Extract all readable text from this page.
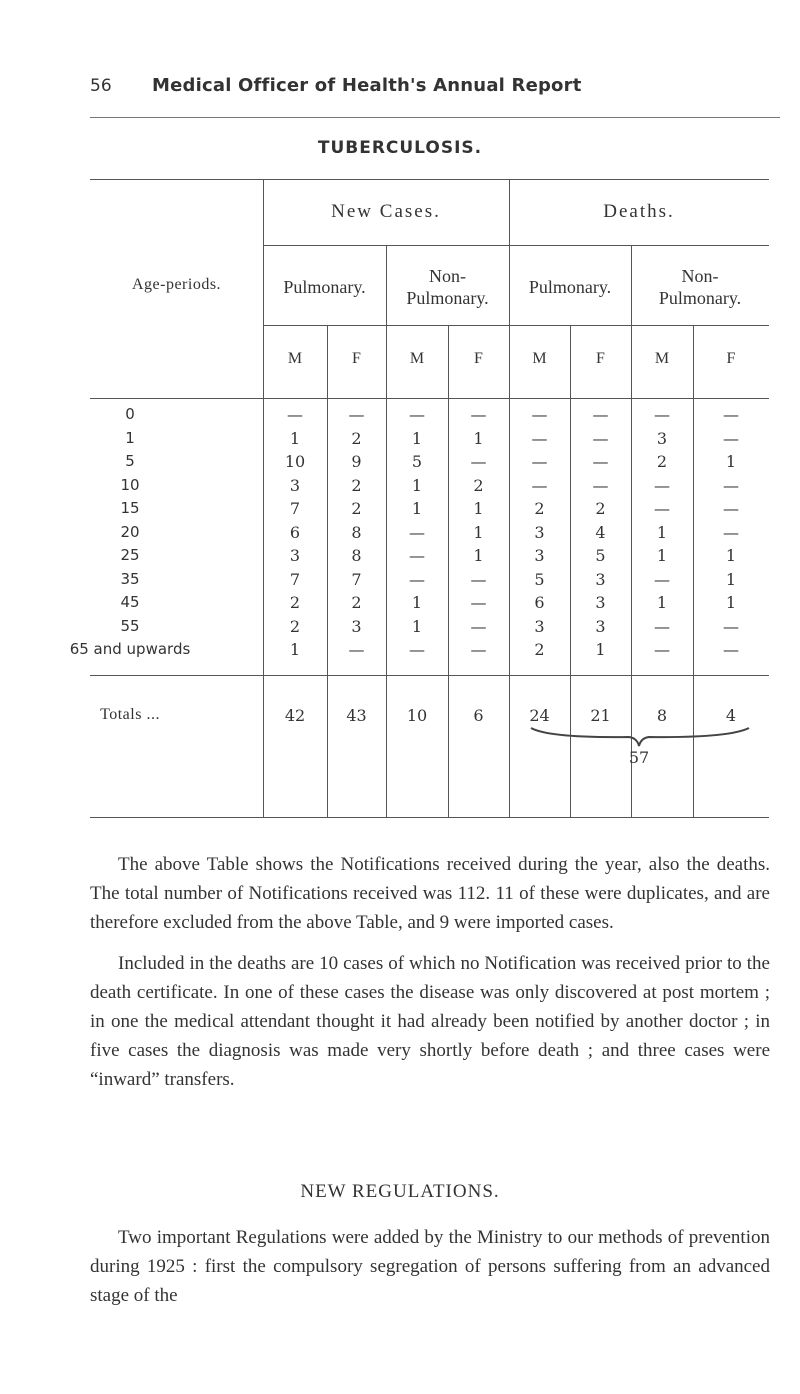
56 Medical Officer of Health's Annual Report
TUBERCULOSIS.
Age-periods.
New Cases.	Deaths.
Pulmonary.
Non-
Pulmonary.
Pulmonary.
Non-
Pulmonary.
M	F	M	F	M	F	M	F
0	—	—	—	—	—	—	—	—
1	1	2	1	1	—	—	3	—
5	10	9	5	—	—	—	2	1
10	3	2	1	2	—	—	—	—
15	7	2	1	1	2	2	—	—
20	6	8	—	1	3	4	1	—
25	3	8	—	1	3	5	1	1
35	7	7	—	—	5	3	—	1
45	2	2	1	—	6	3	1	1
55	2	3	1	—	3	3	—	—
65 and upwards	1	—	—	—	2	1	—	—
Totals ...	42	43	10	6	24	21	8	4
57

The above Table shows the Notifications received during the year, also the deaths. The total number of Notifications received was 112. 11 of these were duplicates, and are therefore excluded from the above Table, and 9 were imported cases.

Included in the deaths are 10 cases of which no Notification was received prior to the death certificate. In one of these cases the disease was only discovered at post mortem ; in one the medical attendant thought it had already been notified by another doctor ; in five cases the diagnosis was made very shortly before death ; and three cases were “inward” transfers.

NEW REGULATIONS.

Two important Regulations were added by the Ministry to our methods of prevention during 1925 : first the compulsory segregation of persons suffering from an advanced stage of the
